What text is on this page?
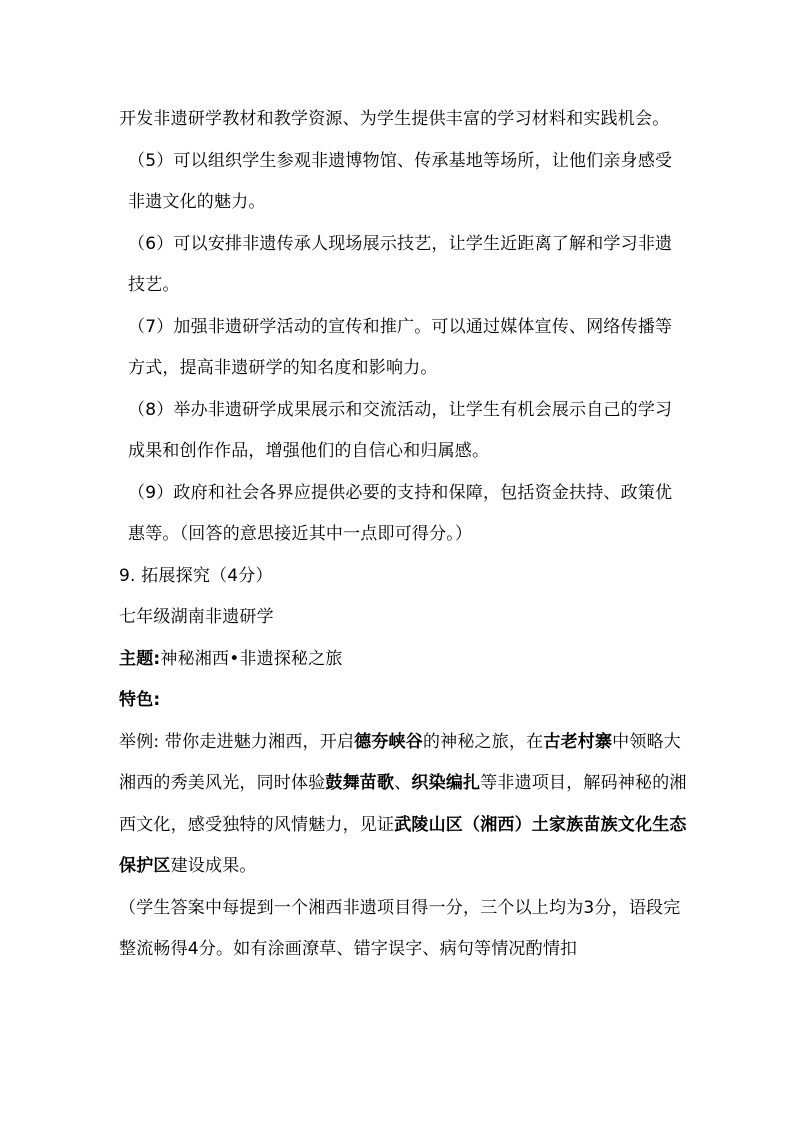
开发非遗研学教材和教学资源、为学生提供丰富的学习材料和实践机会。

（5）可以组织学生参观非遗博物馆、传承基地等场所，让他们亲身感受非遗文化的魅力。

（6）可以安排非遗传承人现场展示技艺，让学生近距离了解和学习非遗技艺。

（7）加强非遗研学活动的宣传和推广。可以通过媒体宣传、网络传播等方式，提高非遗研学的知名度和影响力。

（8）举办非遗研学成果展示和交流活动，让学生有机会展示自己的学习成果和创作作品，增强他们的自信心和归属感。

（9）政府和社会各界应提供必要的支持和保障，包括资金扶持、政策优惠等。（回答的意思接近其中一点即可得分。）

9. 拓展探究（4分）

七年级湖南非遗研学

主题:神秘湘西•非遗探秘之旅

特色:

举例: 带你走进魅力湘西，开启德夯峡谷的神秘之旅，在古老村寨中领略大湘西的秀美风光，同时体验鼓舞苗歌、织染编扎等非遗项目，解码神秘的湘西文化，感受独特的风情魅力，见证武陵山区（湘西）土家族苗族文化生态保护区建设成果。

（学生答案中每提到一个湘西非遗项目得一分，三个以上均为3分，语段完整流畅得4分。如有涂画潦草、错字误字、病句等情况酌情扣
